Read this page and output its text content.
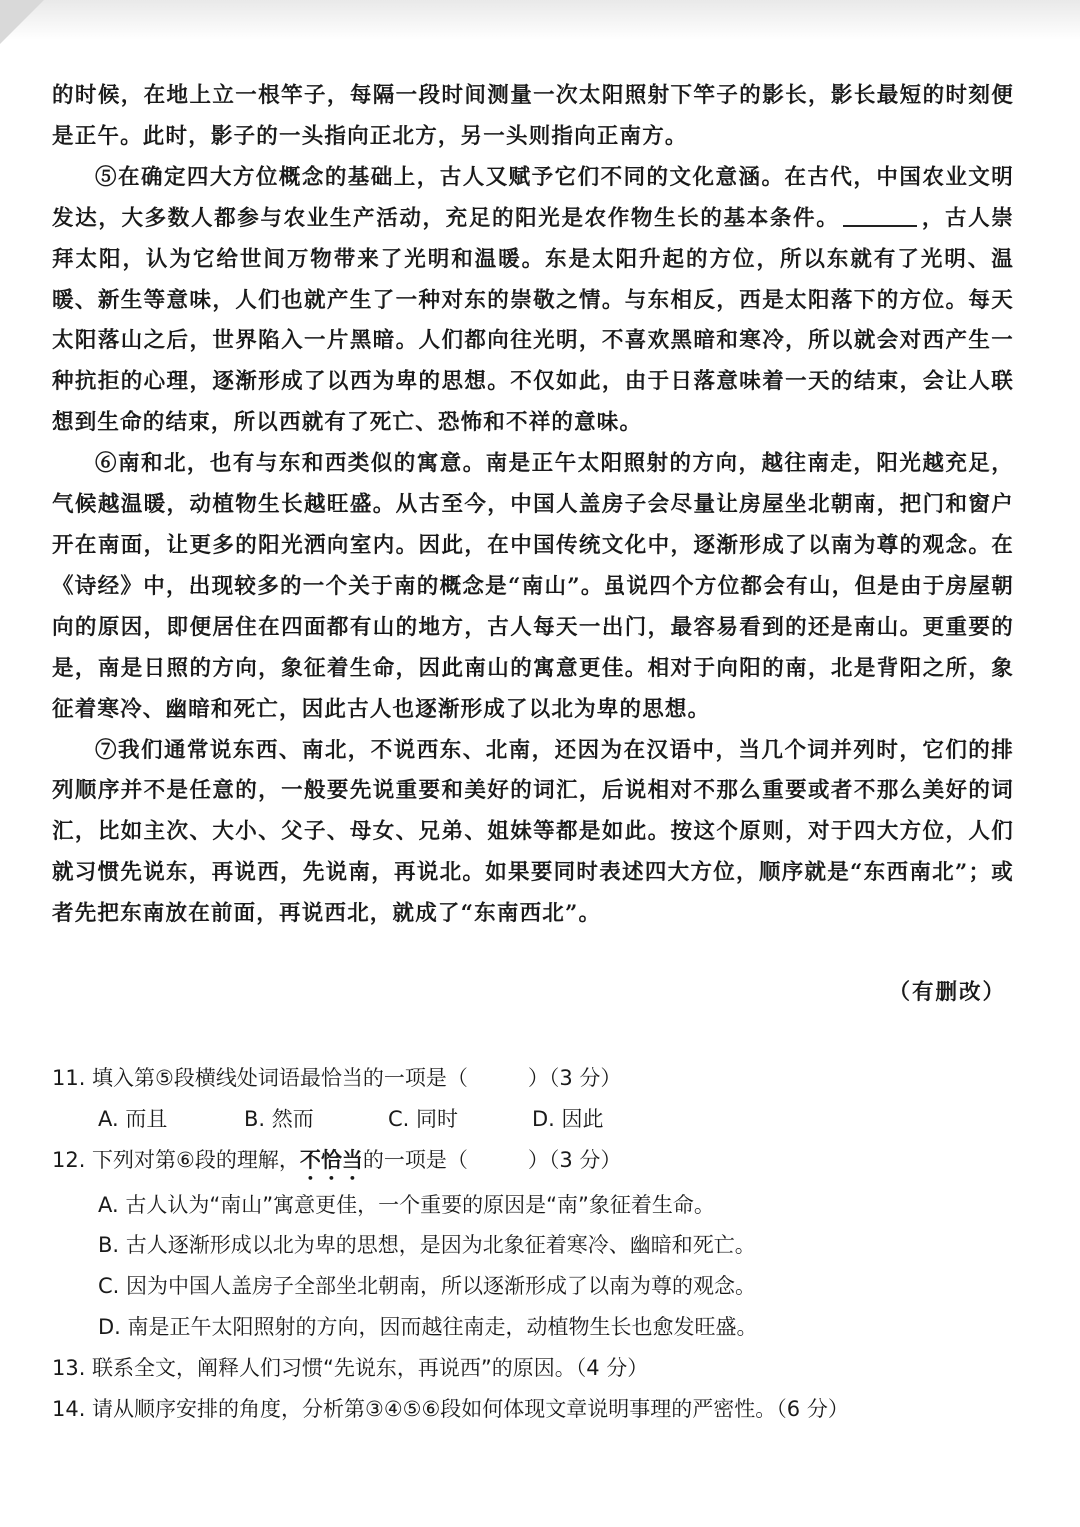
的时候，在地上立一根竿子，每隔一段时间测量一次太阳照射下竿子的影长，影长最短的时刻便是正午。此时，影子的一头指向正北方，另一头则指向正南方。

⑤在确定四大方位概念的基础上，古人又赋予它们不同的文化意涵。在古代，中国农业文明发达，大多数人都参与农业生产活动，充足的阳光是农作物生长的基本条件。	，古人崇拜太阳，认为它给世间万物带来了光明和温暖。东是太阳升起的方位，所以东就有了光明、温暖、新生等意味，人们也就产生了一种对东的崇敬之情。与东相反，西是太阳落下的方位。每天太阳落山之后，世界陷入一片黑暗。人们都向往光明，不喜欢黑暗和寒冷，所以就会对西产生一种抗拒的心理，逐渐形成了以西为卑的思想。不仅如此，由于日落意味着一天的结束，会让人联想到生命的结束，所以西就有了死亡、恐怖和不祥的意味。

⑥南和北，也有与东和西类似的寓意。南是正午太阳照射的方向，越往南走，阳光越充足，气候越温暖，动植物生长越旺盛。从古至今，中国人盖房子会尽量让房屋坐北朝南，把门和窗户开在南面，让更多的阳光洒向室内。因此，在中国传统文化中，逐渐形成了以南为尊的观念。在《诗经》中，出现较多的一个关于南的概念是“南山”。虽说四个方位都会有山，但是由于房屋朝向的原因，即便居住在四面都有山的地方，古人每天一出门，最容易看到的还是南山。更重要的是，南是日照的方向，象征着生命，因此南山的寓意更佳。相对于向阳的南，北是背阳之所，象征着寒冷、幽暗和死亡，因此古人也逐渐形成了以北为卑的思想。

⑦我们通常说东西、南北，不说西东、北南，还因为在汉语中，当几个词并列时，它们的排列顺序并不是任意的，一般要先说重要和美好的词汇，后说相对不那么重要或者不那么美好的词汇，比如主次、大小、父子、母女、兄弟、姐妹等都是如此。按这个原则，对于四大方位，人们就习惯先说东，再说西，先说南，再说北。如果要同时表述四大方位，顺序就是“东西南北”；或者先把东南放在前面，再说西北，就成了“东南西北”。

（有删改）
11. 填入第⑤段横线处词语最恰当的一项是（	）（3 分）
A. 而且	B. 然而	C. 同时	D. 因此
12. 下列对第⑥段的理解，不恰当的一项是（	）（3 分）
A. 古人认为“南山”寓意更佳，一个重要的原因是“南”象征着生命。
B. 古人逐渐形成以北为卑的思想，是因为北象征着寒冷、幽暗和死亡。
C. 因为中国人盖房子全部坐北朝南，所以逐渐形成了以南为尊的观念。
D. 南是正午太阳照射的方向，因而越往南走，动植物生长也愈发旺盛。
13. 联系全文，阐释人们习惯“先说东，再说西”的原因。（4 分）
14. 请从顺序安排的角度，分析第③④⑤⑥段如何体现文章说明事理的严密性。（6 分）
